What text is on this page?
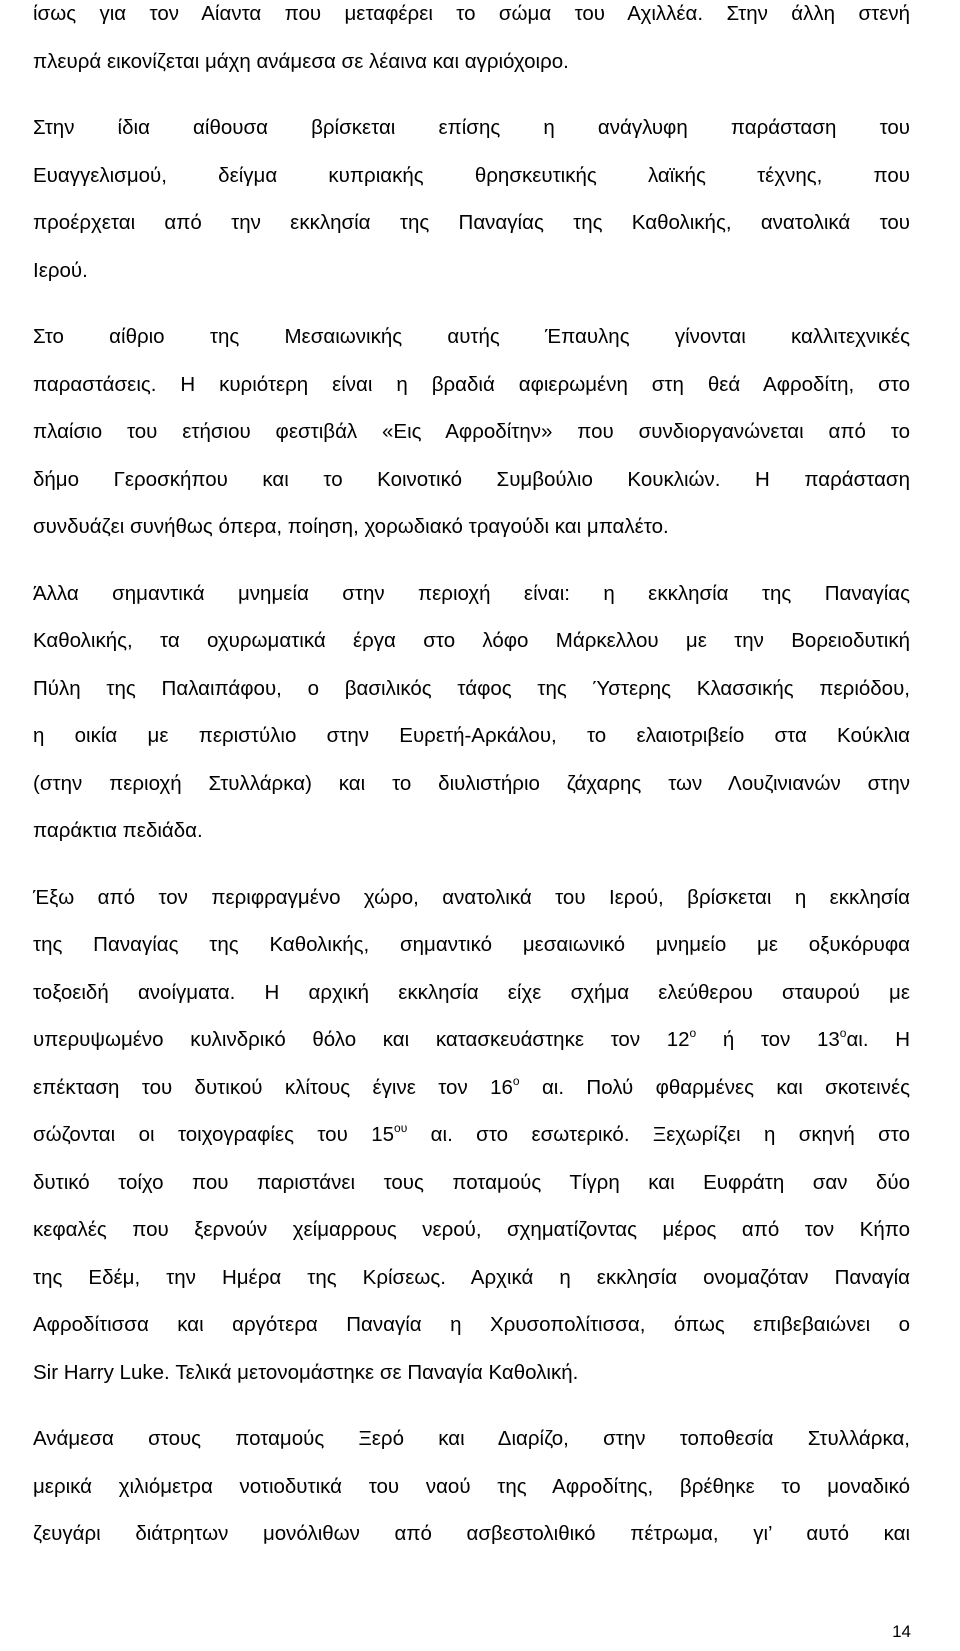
ίσως για τον Αίαντα που μεταφέρει το σώμα του Αχιλλέα. Στην άλλη στενή
πλευρά εικονίζεται μάχη ανάμεσα σε λέαινα και αγριόχοιρο.

Στην ίδια αίθουσα βρίσκεται επίσης η ανάγλυφη παράσταση του
Ευαγγελισμού, δείγμα κυπριακής θρησκευτικής λαϊκής τέχνης, που
προέρχεται από την εκκλησία της Παναγίας της Καθολικής, ανατολικά του
Ιερού.

Στο αίθριο της Μεσαιωνικής αυτής Έπαυλης γίνονται καλλιτεχνικές
παραστάσεις. Η κυριότερη είναι η βραδιά αφιερωμένη στη θεά Αφροδίτη, στο
πλαίσιο του ετήσιου φεστιβάλ «Εις Αφροδίτην» που συνδιοργανώνεται από το
δήμο Γεροσκήπου και το Κοινοτικό Συμβούλιο Κουκλιών. Η παράσταση
συνδυάζει συνήθως όπερα, ποίηση, χορωδιακό τραγούδι και μπαλέτο.

Άλλα σημαντικά μνημεία στην περιοχή είναι: η εκκλησία της Παναγίας
Καθολικής, τα οχυρωματικά έργα στο λόφο Μάρκελλου με την Βορειοδυτική
Πύλη της Παλαιπάφου, ο βασιλικός τάφος της Ύστερης Κλασσικής περιόδου,
η οικία με περιστύλιο στην Ευρετή-Αρκάλου, το ελαιοτριβείο στα Κούκλια
(στην περιοχή Στυλλάρκα) και το διυλιστήριο ζάχαρης των Λουζινιανών στην
παράκτια πεδιάδα.

Έξω από τον περιφραγμένο χώρο, ανατολικά του Ιερού, βρίσκεται η εκκλησία
της Παναγίας της Καθολικής, σημαντικό μεσαιωνικό μνημείο με οξυκόρυφα
τοξοειδή ανοίγματα. Η αρχική εκκλησία είχε σχήμα ελεύθερου σταυρού με
υπερυψωμένο κυλινδρικό θόλο και κατασκευάστηκε τον $12^o$ ή τον $13^o\alpha\iota$. Η
επέκταση του δυτικού κλίτους έγινε τον $16^o$ αι. Πολύ φθαρμένες και σκοτεινές
σώζονται οι τοιχογραφίες του $15^{o\upsilon}$ αι. στο εσωτερικό. Ξεχωρίζει η σκηνή στο
δυτικό τοίχο που παριστάνει τους ποταμούς Τίγρη και Ευφράτη σαν δύο
κεφαλές που ξερνούν χείμαρρους νερού, σχηματίζοντας μέρος από τον Κήπο
της Εδέμ, την Ημέρα της Κρίσεως. Αρχικά η εκκλησία ονομαζόταν Παναγία
Αφροδίτισσα και αργότερα Παναγία η Χρυσοπολίτισσα, όπως επιβεβαιώνει ο
Sir Harry Luke. Τελικά μετονομάστηκε σε Παναγία Καθολική.

Ανάμεσα στους ποταμούς Ξερό και Διαρίζο, στην τοποθεσία Στυλλάρκα,
μερικά χιλιόμετρα νοτιοδυτικά του ναού της Αφροδίτης, βρέθηκε το μοναδικό
ζευγάρι διάτρητων μονόλιθων από ασβεστολιθικό πέτρωμα, γι’ αυτό και

14
